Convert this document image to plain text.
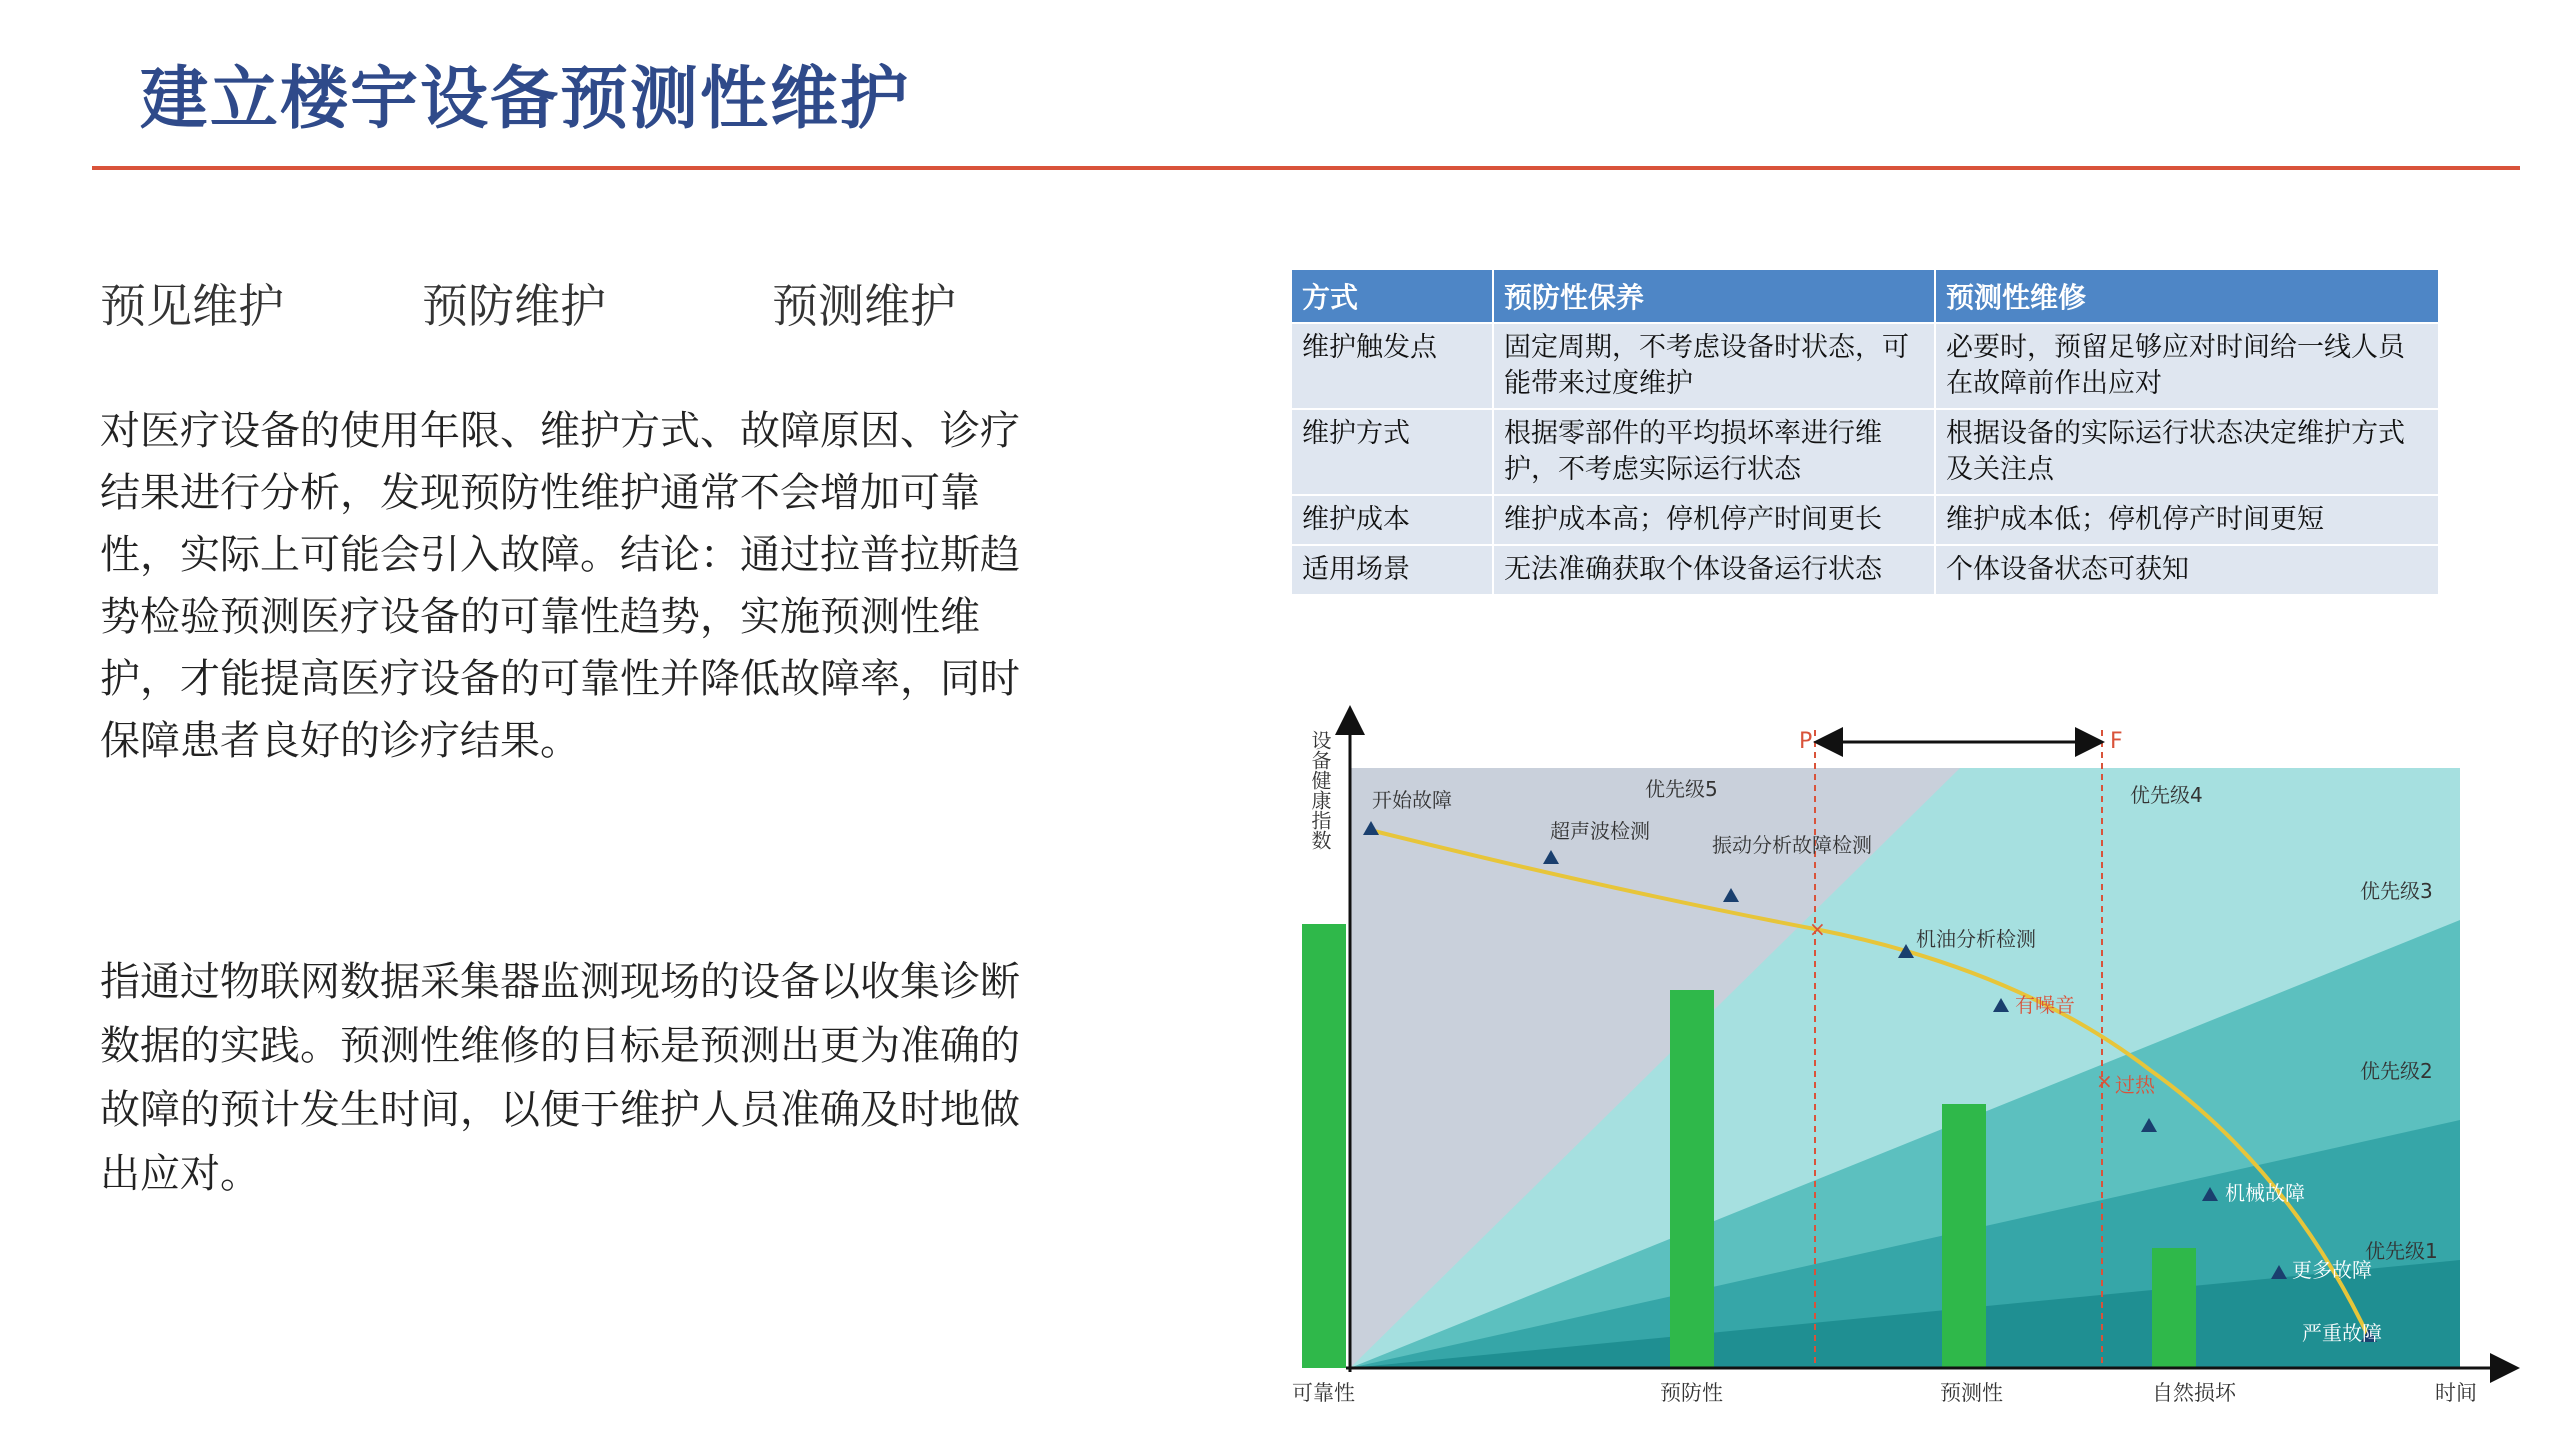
建立楼宇设备预测性维护
预见维护	预防维护	预测维护

对医疗设备的使用年限、维护方式、故障原因、诊疗结果进行分析，发现预防性维护通常不会增加可靠性，实际上可能会引入故障。结论：通过拉普拉斯趋势检验预测医疗设备的可靠性趋势，实施预测性维护，才能提高医疗设备的可靠性并降低故障率，同时保障患者良好的诊疗结果。

指通过物联网数据采集器监测现场的设备以收集诊断数据的实践。预测性维修的目标是预测出更为准确的故障的预计发生时间，以便于维护人员准确及时地做出应对。

方式	预防性保养	预测性维修
维护触发点	固定周期，不考虑设备时状态，可能带来过度维护	必要时，预留足够应对时间给一线人员在故障前作出应对
维护方式	根据零部件的平均损坏率进行维护，不考虑实际运行状态	根据设备的实际运行状态决定维护方式及关注点
维护成本	维护成本高；停机停产时间更长	维护成本低；停机停产时间更短
适用场景	无法准确获取个体设备运行状态	个体设备状态可获知
P	F
×
×
开始故障
超声波检测
振动分析故障检测
机油分析检测
有噪音
过热
机械故障
更多故障
严重故障
优先级5	优先级4
优先级3
优先级2
优先级1
设备健康指数
时间
可靠性	预防性	预测性	自然损坏
